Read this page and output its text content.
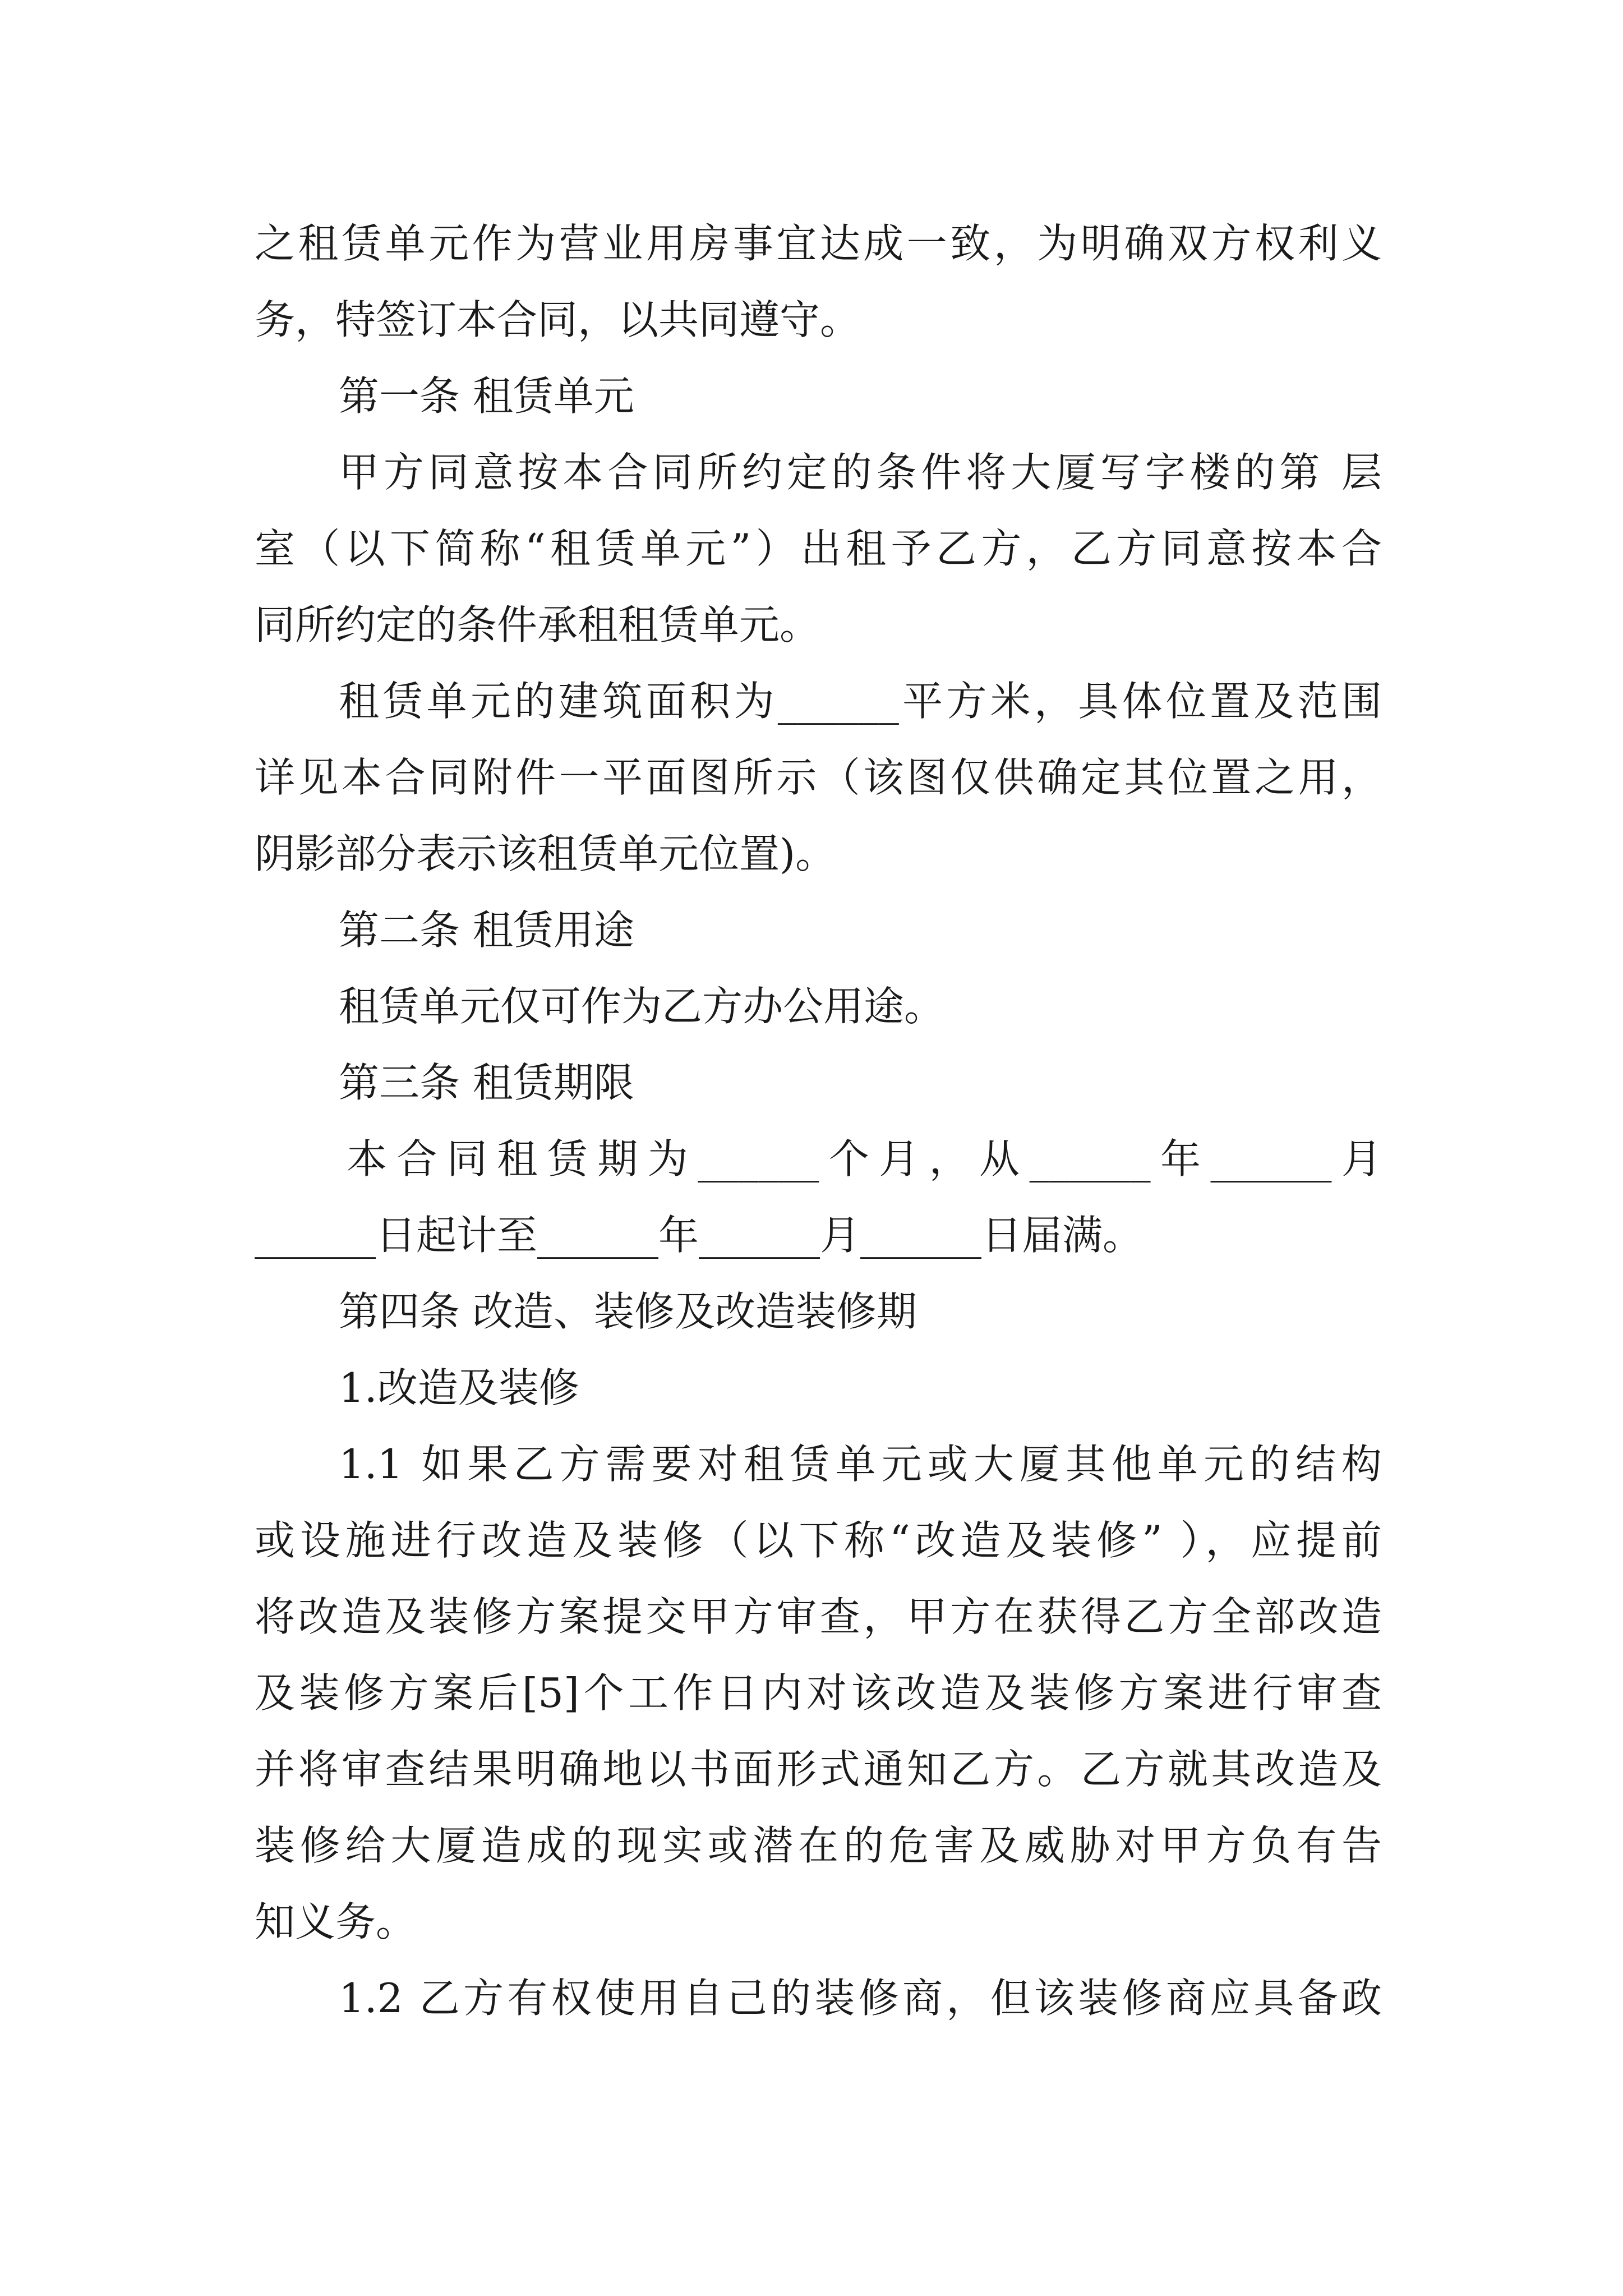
之租赁单元作为营业用房事宜达成一致，为明确双方权利义
务，特签订本合同，以共同遵守。
第一条 租赁单元
甲方同意按本合同所约定的条件将大厦写字楼的第 层
室（以下简称“租赁单元”）出租予乙方，乙方同意按本合
同所约定的条件承租租赁单元。
租赁单元的建筑面积为______平方米，具体位置及范围
详见本合同附件一平面图所示（该图仅供确定其位置之用，
阴影部分表示该租赁单元位置)。
第二条 租赁用途
租赁单元仅可作为乙方办公用途。
第三条 租赁期限
本合同租赁期为______个月，从______年______月
______日起计至______年______月______日届满。
第四条 改造、装修及改造装修期
1.改造及装修
1.1 如果乙方需要对租赁单元或大厦其他单元的结构
或设施进行改造及装修（以下称“改造及装修” ），应提前
将改造及装修方案提交甲方审查，甲方在获得乙方全部改造
及装修方案后[5]个工作日内对该改造及装修方案进行审查
并将审查结果明确地以书面形式通知乙方。乙方就其改造及
装修给大厦造成的现实或潜在的危害及威胁对甲方负有告
知义务。
1.2 乙方有权使用自己的装修商，但该装修商应具备政
